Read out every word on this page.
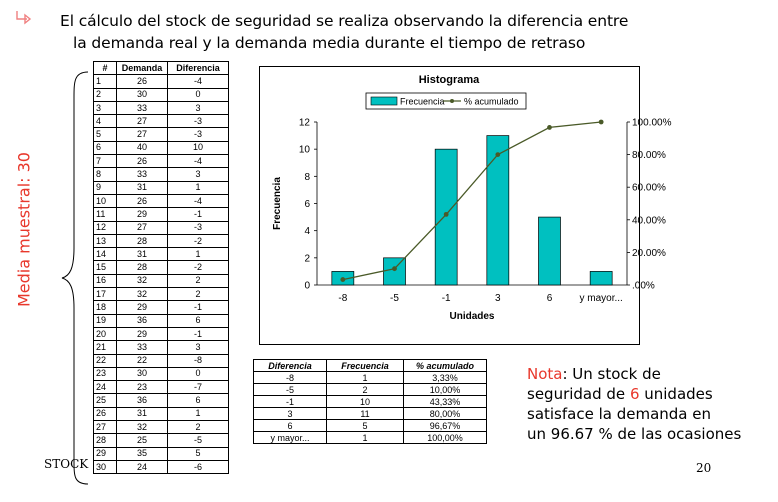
El cálculo del stock de seguridad se realiza observando la diferencia entre
la demanda real y la demanda media durante el tiempo de retraso
Media muestral: 30
STOCK
#	Demanda	Diferencia
1	26	-4
2	30	0
3	33	3
4	27	-3
5	27	-3
6	40	10
7	26	-4
8	33	3
9	31	1
10	26	-4
11	29	-1
12	27	-3
13	28	-2
14	31	1
15	28	-2
16	32	2
17	32	2
18	29	-1
19	36	6
20	29	-1
21	33	3
22	22	-8
23	30	0
24	23	-7
25	36	6
26	31	1
27	32	2
28	25	-5
29	35	5
30	24	-6
Histograma
Frecuencia % acumulado
0
2
4
6
8
10
12
.00%
20.00%
40.00%
60.00%
80.00%
100.00%
-8	-5	-1	3	6	y mayor...
Unidades
Frecuencia
Diferencia	Frecuencia	% acumulado
-8	1	3,33%
-5	2	10,00%
-1	10	43,33%
3	11	80,00%
6	5	96,67%
y mayor...	1	100,00%
Nota: Un stock de
seguridad de 6 unidades
satisface la demanda en
un 96.67 % de las ocasiones
20
